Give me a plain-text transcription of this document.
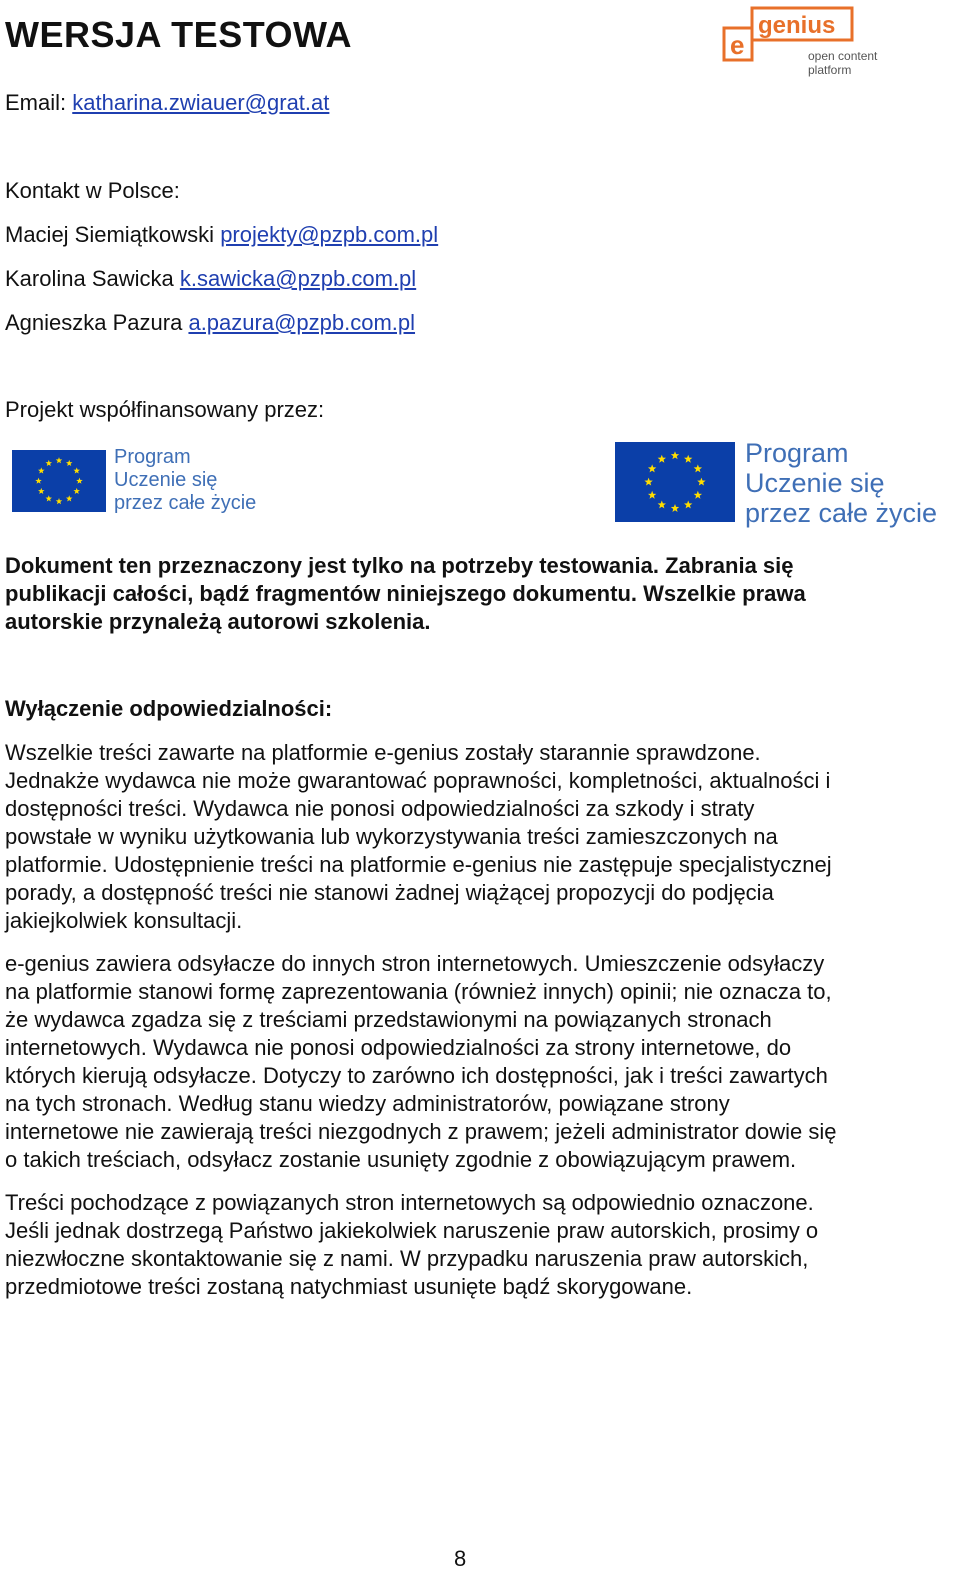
WERSJA TESTOWA	e
genius
open content
platform
Email: katharina.zwiauer@grat.at
Kontakt w Polsce:
Maciej Siemiątkowski projekty@pzpb.com.pl
Karolina Sawicka k.sawicka@pzpb.com.pl
Agnieszka Pazura a.pazura@pzpb.com.pl
Projekt współfinansowany przez:
Program
Uczenie się
przez całe życie
Program
Uczenie się
przez całe życie
Dokument ten przeznaczony jest tylko na potrzeby testowania. Zabrania się
publikacji całości, bądź fragmentów niniejszego dokumentu. Wszelkie prawa
autorskie przynależą autorowi szkolenia.
Wyłączenie odpowiedzialności:
Wszelkie treści zawarte na platformie e-genius zostały starannie sprawdzone.
Jednakże wydawca nie może gwarantować poprawności, kompletności, aktualności i
dostępności treści. Wydawca nie ponosi odpowiedzialności za szkody i straty
powstałe w wyniku użytkowania lub wykorzystywania treści zamieszczonych na
platformie. Udostępnienie treści na platformie e-genius nie zastępuje specjalistycznej
porady, a dostępność treści nie stanowi żadnej wiążącej propozycji do podjęcia
jakiejkolwiek konsultacji.
e-genius zawiera odsyłacze do innych stron internetowych. Umieszczenie odsyłaczy
na platformie stanowi formę zaprezentowania (również innych) opinii; nie oznacza to,
że wydawca zgadza się z treściami przedstawionymi na powiązanych stronach
internetowych. Wydawca nie ponosi odpowiedzialności za strony internetowe, do
których kierują odsyłacze. Dotyczy to zarówno ich dostępności, jak i treści zawartych
na tych stronach. Według stanu wiedzy administratorów, powiązane strony
internetowe nie zawierają treści niezgodnych z prawem; jeżeli administrator dowie się
o takich treściach, odsyłacz zostanie usunięty zgodnie z obowiązującym prawem.
Treści pochodzące z powiązanych stron internetowych są odpowiednio oznaczone.
Jeśli jednak dostrzegą Państwo jakiekolwiek naruszenie praw autorskich, prosimy o
niezwłoczne skontaktowanie się z nami. W przypadku naruszenia praw autorskich,
przedmiotowe treści zostaną natychmiast usunięte bądź skorygowane.
8
